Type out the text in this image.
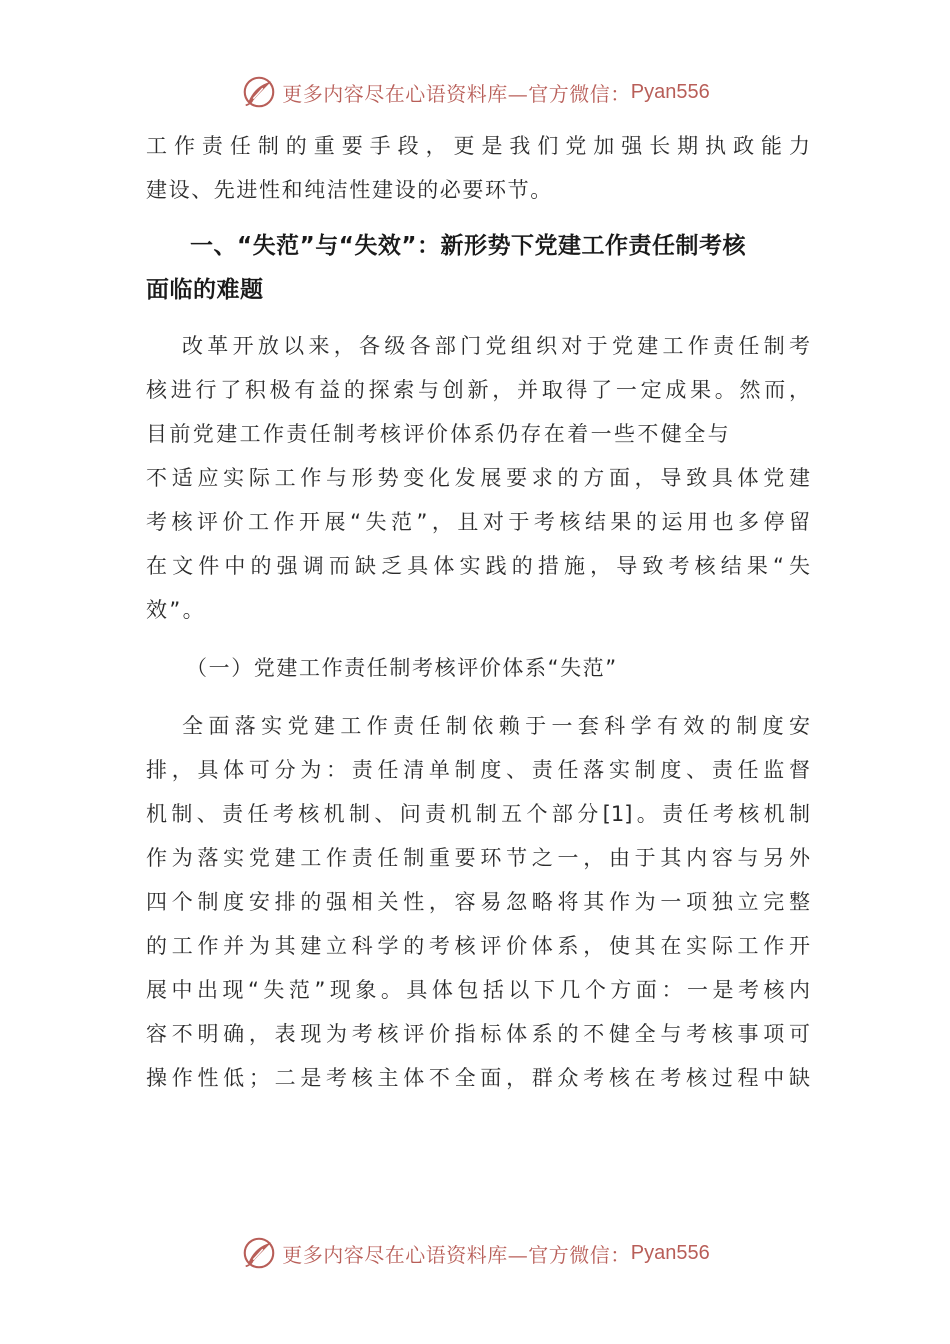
更多内容尽在心语资料库—官方微信： Pyan556
工作责任制的重要手段，更是我们党加强长期执政能力
建设、先进性和纯洁性建设的必要环节。
一、“失范”与“失效”：新形势下党建工作责任制考核
面临的难题
改革开放以来，各级各部门党组织对于党建工作责任制考
核进行了积极有益的探索与创新，并取得了一定成果。然而，
目前党建工作责任制考核评价体系仍存在着一些不健全与
不适应实际工作与形势变化发展要求的方面，导致具体党建
考核评价工作开展“失范”，且对于考核结果的运用也多停留
在文件中的强调而缺乏具体实践的措施，导致考核结果“失
效”。
（一）党建工作责任制考核评价体系“失范”
全面落实党建工作责任制依赖于一套科学有效的制度安
排，具体可分为：责任清单制度、责任落实制度、责任监督
机制、责任考核机制、问责机制五个部分[1]。责任考核机制
作为落实党建工作责任制重要环节之一，由于其内容与另外
四个制度安排的强相关性，容易忽略将其作为一项独立完整
的工作并为其建立科学的考核评价体系，使其在实际工作开
展中出现“失范”现象。具体包括以下几个方面：一是考核内
容不明确，表现为考核评价指标体系的不健全与考核事项可
操作性低；二是考核主体不全面，群众考核在考核过程中缺
更多内容尽在心语资料库—官方微信： Pyan556
